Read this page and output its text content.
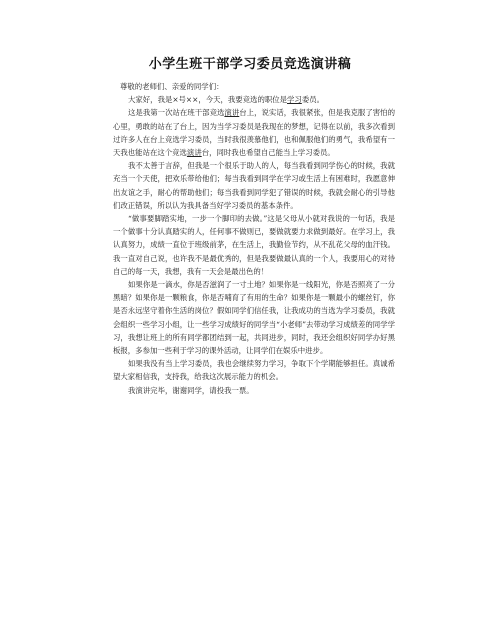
小学生班干部学习委员竞选演讲稿

尊敬的老师们、亲爱的同学们：

大家好，我是×号××，今天，我要竞选的职位是学习委员。

这是我第一次站在班干部竞选演讲台上，说实话，我很紧张，但是我克服了害怕的心里，勇敢的站在了台上，因为当学习委员是我现在的梦想，记得在以前，我多次看到过许多人在台上竞选学习委员，当时我很羡慕他们，也和佩服他们的勇气，我希望有一天我也能站在这个竞选演讲台，同时我也希望自己能当上学习委员。

我不太善于言辞，但我是一个很乐于助人的人，每当我看到同学伤心的时候，我就充当一个天使，把欢乐带给他们；每当我看到同学在学习或生活上有困难时，我愿意伸出友谊之手，耐心的帮助他们；每当我看到同学犯了错误的时候，我就会耐心的引导他们改正错误，所以认为我具备当好学习委员的基本条件。

“做事要脚踏实地，一步一个脚印的去做。”这是父母从小就对我说的一句话，我是一个做事十分认真踏实的人，任何事不做则已，要做就要力求做到最好。在学习上，我认真努力，成绩一直位于班级前茅，在生活上，我勤俭节约，从不乱花父母的血汗钱。我一直对自己说，也许我不是最优秀的，但是我要做最认真的一个人，我要用心的对待自己的每一天，我想，我有一天会是最出色的！

如果你是一滴水，你是否滋润了一寸土地？如果你是一线阳光，你是否照亮了一分黑暗？如果你是一颗粮食，你是否哺育了有用的生命？如果你是一颗最小的螺丝钉，你是否永远坚守着你生活的岗位？假如同学们信任我，让我成功的当选为学习委员，我就会组织一些学习小组，让一些学习成绩好的同学当“小老师”去带动学习成绩差的同学学习，我想让班上的所有同学都团结到一起，共同进步，同时，我还会组织好同学办好黑板报，多参加一些利于学习的课外活动，让同学们在娱乐中进步。

如果我没有当上学习委员，我也会继续努力学习，争取下个学期能够担任。真诚希望大家相信我，支持我，给我这次展示能力的机会。

我演讲完毕，谢谢同学，请投我一票。
